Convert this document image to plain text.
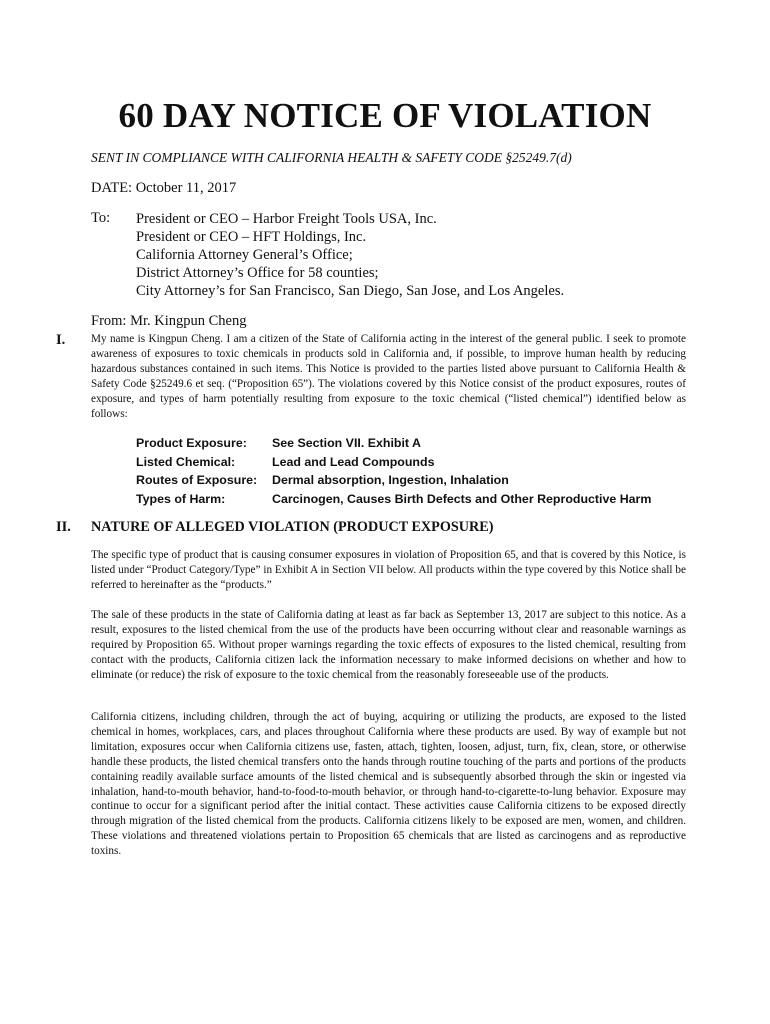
60 DAY NOTICE OF VIOLATION
SENT IN COMPLIANCE WITH CALIFORNIA HEALTH & SAFETY CODE §25249.7(d)
DATE: October 11, 2017
To: President or CEO – Harbor Freight Tools USA, Inc.
President or CEO – HFT Holdings, Inc.
California Attorney General’s Office;
District Attorney’s Office for 58 counties;
City Attorney’s for San Francisco, San Diego, San Jose, and Los Angeles.
From: Mr. Kingpun Cheng
I. My name is Kingpun Cheng. I am a citizen of the State of California acting in the interest of the general public. I seek to promote awareness of exposures to toxic chemicals in products sold in California and, if possible, to improve human health by reducing hazardous substances contained in such items. This Notice is provided to the parties listed above pursuant to California Health & Safety Code §25249.6 et seq. (“Proposition 65”). The violations covered by this Notice consist of the product exposures, routes of exposure, and types of harm potentially resulting from exposure to the toxic chemical (“listed chemical”) identified below as follows:
Product Exposure:	See Section VII. Exhibit A
Listed Chemical:	Lead and Lead Compounds
Routes of Exposure:	Dermal absorption, Ingestion, Inhalation
Types of Harm:	Carcinogen, Causes Birth Defects and Other Reproductive Harm
II. NATURE OF ALLEGED VIOLATION (PRODUCT EXPOSURE)
The specific type of product that is causing consumer exposures in violation of Proposition 65, and that is covered by this Notice, is listed under “Product Category/Type” in Exhibit A in Section VII below. All products within the type covered by this Notice shall be referred to hereinafter as the “products.”
The sale of these products in the state of California dating at least as far back as September 13, 2017 are subject to this notice. As a result, exposures to the listed chemical from the use of the products have been occurring without clear and reasonable warnings as required by Proposition 65. Without proper warnings regarding the toxic effects of exposures to the listed chemical, resulting from contact with the products, California citizen lack the information necessary to make informed decisions on whether and how to eliminate (or reduce) the risk of exposure to the toxic chemical from the reasonably foreseeable use of the products.
California citizens, including children, through the act of buying, acquiring or utilizing the products, are exposed to the listed chemical in homes, workplaces, cars, and places throughout California where these products are used. By way of example but not limitation, exposures occur when California citizens use, fasten, attach, tighten, loosen, adjust, turn, fix, clean, store, or otherwise handle these products, the listed chemical transfers onto the hands through routine touching of the parts and portions of the products containing readily available surface amounts of the listed chemical and is subsequently absorbed through the skin or ingested via inhalation, hand-to-mouth behavior, hand-to-food-to-mouth behavior, or through hand-to-cigarette-to-lung behavior. Exposure may continue to occur for a significant period after the initial contact. These activities cause California citizens to be exposed directly through migration of the listed chemical from the products. California citizens likely to be exposed are men, women, and children. These violations and threatened violations pertain to Proposition 65 chemicals that are listed as carcinogens and as reproductive toxins.
